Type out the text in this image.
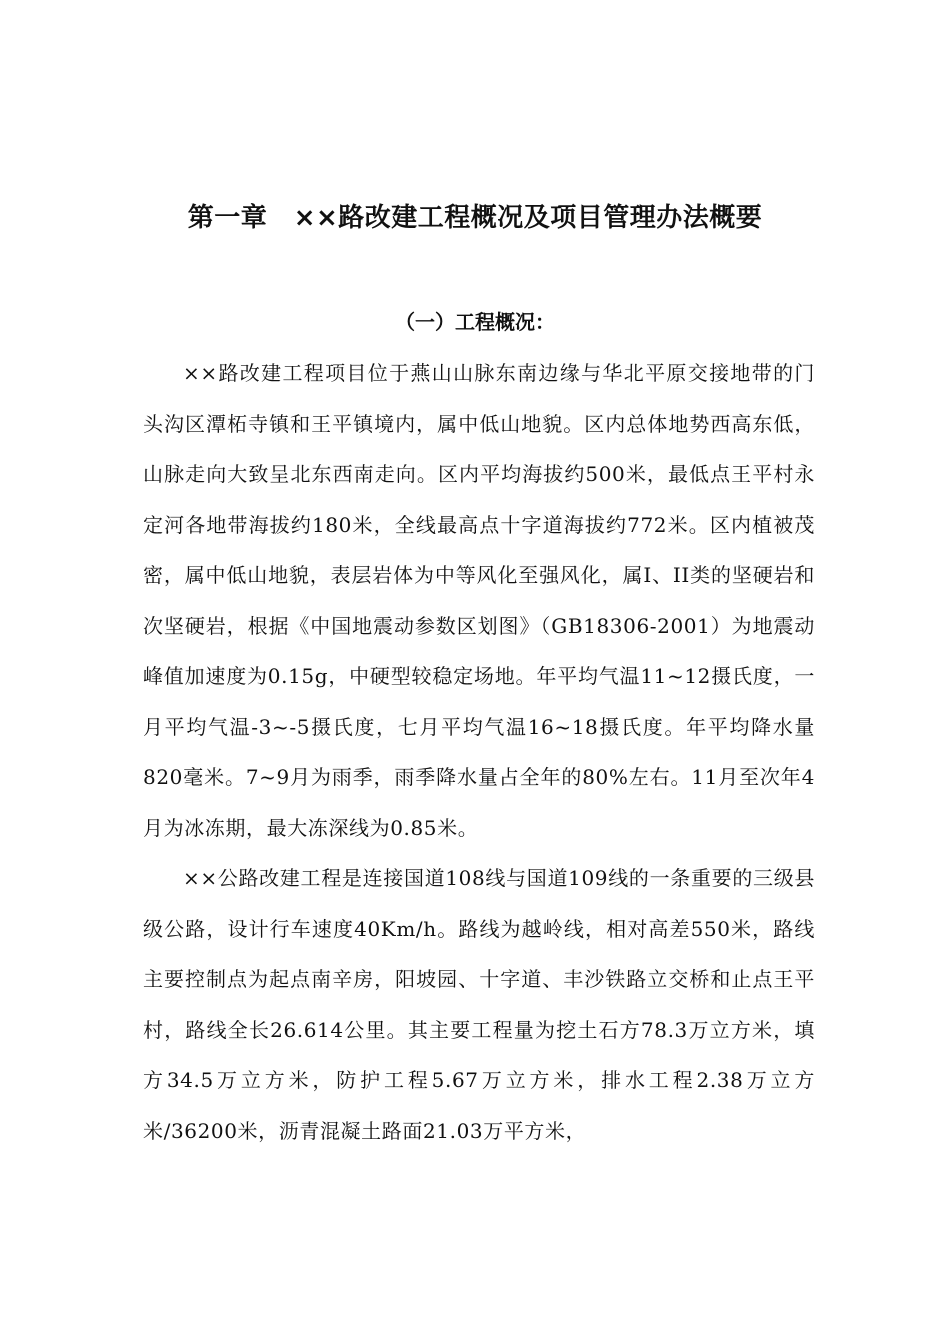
第一章　××路改建工程概况及项目管理办法概要
（一）工程概况：

××路改建工程项目位于燕山山脉东南边缘与华北平原交接地带的门头沟区潭柘寺镇和王平镇境内，属中低山地貌。区内总体地势西高东低，山脉走向大致呈北东西南走向。区内平均海拔约500米，最低点王平村永定河各地带海拔约180米，全线最高点十字道海拔约772米。区内植被茂密，属中低山地貌，表层岩体为中等风化至强风化，属I、II类的坚硬岩和次坚硬岩，根据《中国地震动参数区划图》（GB18306-2001）为地震动峰值加速度为0.15g，中硬型较稳定场地。年平均气温11~12摄氏度，一月平均气温-3~-5摄氏度，七月平均气温16~18摄氏度。年平均降水量820毫米。7~9月为雨季，雨季降水量占全年的80%左右。11月至次年4月为冰冻期，最大冻深线为0.85米。

××公路改建工程是连接国道108线与国道109线的一条重要的三级县级公路，设计行车速度40Km/h。路线为越岭线，相对高差550米，路线主要控制点为起点南辛房，阳坡园、十字道、丰沙铁路立交桥和止点王平村，路线全长26.614公里。其主要工程量为挖土石方78.3万立方米，填方34.5万立方米，防护工程5.67万立方米，排水工程2.38万立方米/36200米，沥青混凝土路面21.03万平方米，
